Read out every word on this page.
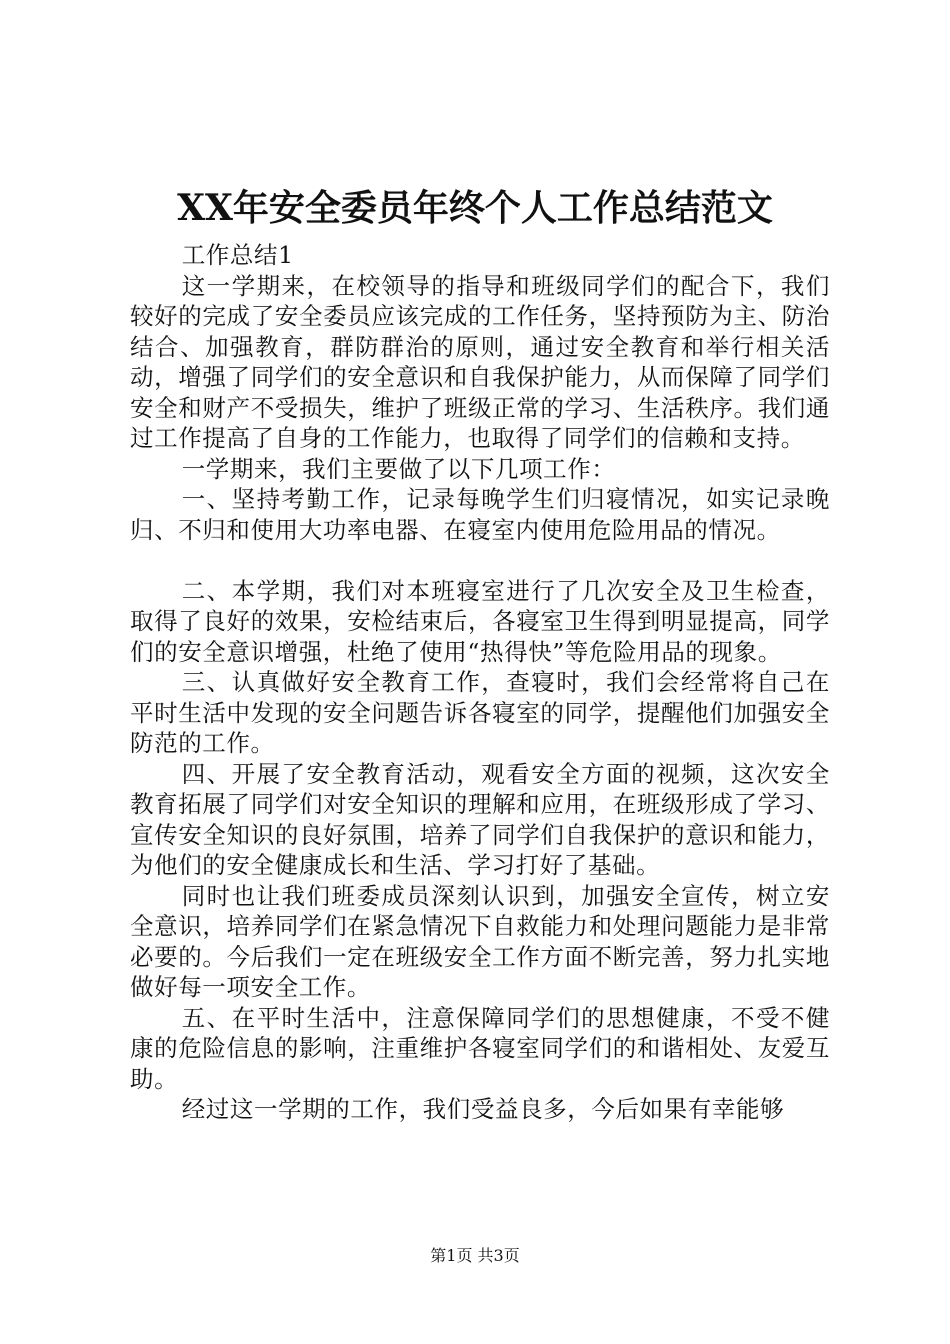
XX年安全委员年终个人工作总结范文

工作总结1

这一学期来，在校领导的指导和班级同学们的配合下，我们较好的完成了安全委员应该完成的工作任务，坚持预防为主、防治结合、加强教育，群防群治的原则，通过安全教育和举行相关活动，增强了同学们的安全意识和自我保护能力，从而保障了同学们安全和财产不受损失，维护了班级正常的学习、生活秩序。我们通过工作提高了自身的工作能力，也取得了同学们的信赖和支持。

一学期来，我们主要做了以下几项工作：

一、坚持考勤工作，记录每晚学生们归寝情况，如实记录晚归、不归和使用大功率电器、在寝室内使用危险用品的情况。

二、本学期，我们对本班寝室进行了几次安全及卫生检查，取得了良好的效果，安检结束后，各寝室卫生得到明显提高，同学们的安全意识增强，杜绝了使用“热得快”等危险用品的现象。

三、认真做好安全教育工作，查寝时，我们会经常将自己在平时生活中发现的安全问题告诉各寝室的同学，提醒他们加强安全防范的工作。

四、开展了安全教育活动，观看安全方面的视频，这次安全教育拓展了同学们对安全知识的理解和应用，在班级形成了学习、宣传安全知识的良好氛围，培养了同学们自我保护的意识和能力，为他们的安全健康成长和生活、学习打好了基础。

同时也让我们班委成员深刻认识到，加强安全宣传，树立安全意识，培养同学们在紧急情况下自救能力和处理问题能力是非常必要的。今后我们一定在班级安全工作方面不断完善，努力扎实地做好每一项安全工作。

五、在平时生活中，注意保障同学们的思想健康，不受不健康的危险信息的影响，注重维护各寝室同学们的和谐相处、友爱互助。

经过这一学期的工作，我们受益良多，今后如果有幸能够

第1页 共3页
